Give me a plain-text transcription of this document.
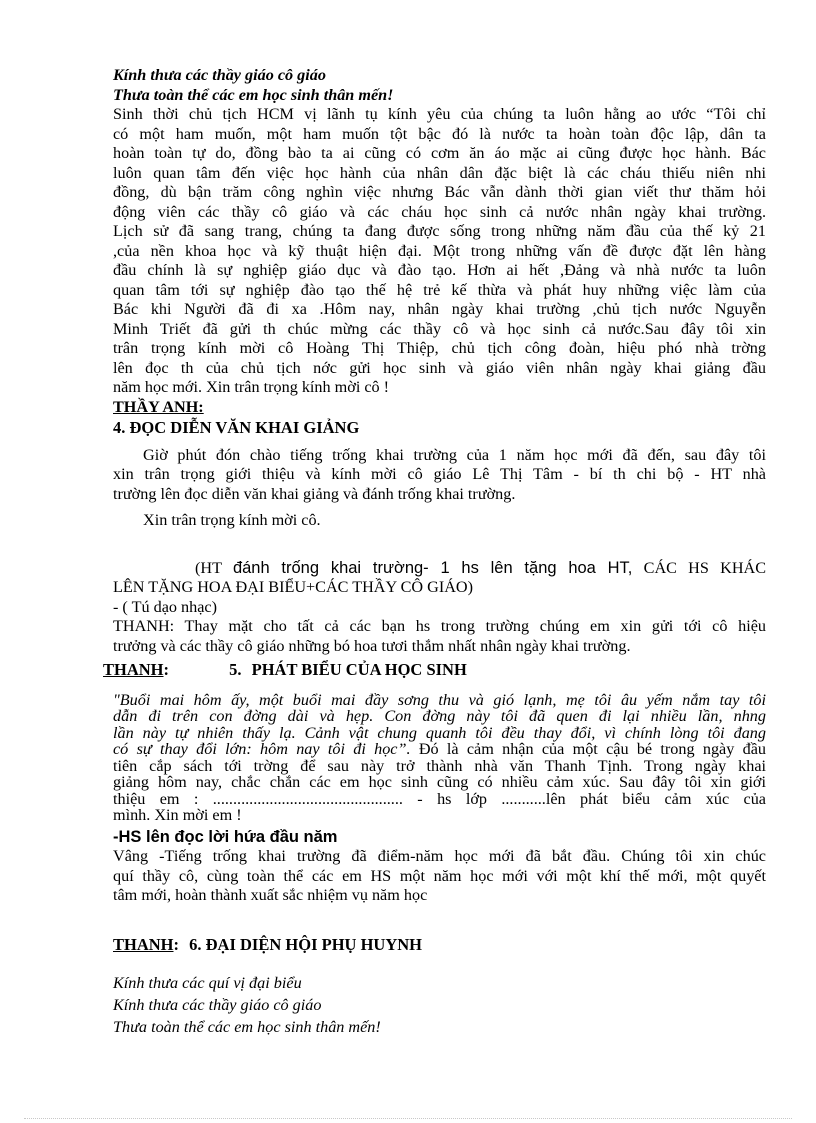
Kính thưa các thầy giáo cô giáo
Thưa toàn thể các em học sinh thân mến!
Sinh thời chủ tịch HCM vị lãnh tụ kính yêu của chúng ta luôn hằng ao ước “Tôi chỉ
có một ham muốn, một ham muốn tột bậc đó là nước ta hoàn toàn độc lập, dân ta
hoàn toàn tự do, đồng bào ta ai cũng có cơm ăn áo mặc ai cũng được học hành. Bác
luôn quan tâm đến việc học hành của nhân dân đặc biệt là các cháu thiếu niên nhi
đồng, dù bận trăm công nghìn việc nhưng Bác vẫn dành thời gian viết thư thăm hỏi
động viên các thầy cô giáo và các cháu học sinh cả nước nhân ngày khai trường.
Lịch sử đã sang trang, chúng ta đang được sống trong những năm đầu của thế kỷ 21
,của nền khoa học và kỹ thuật hiện đại. Một trong những vấn đề được đặt lên hàng
đầu chính là sự nghiệp giáo dục và đào tạo. Hơn ai hết ,Đảng và nhà nước ta luôn
quan tâm tới sự nghiệp đào tạo thế hệ trẻ kế thừa và phát huy những việc làm của
Bác khi Người đã đi xa .Hôm nay, nhân ngày khai trường ,chủ tịch nước Nguyễn
Minh Triết đã gửi th chúc mừng các thầy cô và học sinh cả nước.Sau đây tôi xin
trân trọng kính mời cô Hoàng Thị Thiệp, chủ tịch công đoàn, hiệu phó nhà trờng
lên đọc th của chủ tịch nớc gửi học sinh và giáo viên nhân ngày khai giảng đầu
năm học mới. Xin trân trọng kính mời cô !
THẦY ANH:
4. ĐỌC DIỄN VĂN KHAI GIẢNG
Giờ phút đón chào tiếng trống khai trường của 1 năm học mới đã đến, sau đây tôi
xin trân trọng giới thiệu và kính mời cô giáo Lê Thị Tâm - bí th chi bộ - HT nhà
trường lên đọc diễn văn khai giảng và đánh trống khai trường.
Xin trân trọng kính mời cô.
(HT đánh trống khai trường- 1 hs lên tặng hoa HT, CÁC HS KHÁC
LÊN TẶNG HOA ĐẠI BIỂU+CÁC THẦY CÔ GIÁO)
- ( Tú dạo nhạc)
THANH: Thay mặt cho tất cả các bạn hs trong trường chúng em xin gửi tới cô hiệu
trưởng và các thầy cô giáo những bó hoa tươi thắm nhất nhân ngày khai trường.
THANH:	5. PHÁT BIỂU CỦA HỌC SINH
"Buổi mai hôm ấy, một buổi mai đầy sơng thu và gió lạnh, mẹ tôi âu yếm nắm tay tôi
dẫn đi trên con đờng dài và hẹp. Con đờng này tôi đã quen đi lại nhiều lần, nhng
lần này tự nhiên thấy lạ. Cảnh vật chung quanh tôi đều thay đổi, vì chính lòng tôi đang
có sự thay đổi lớn: hôm nay tôi đi học”. Đó là cảm nhận của một cậu bé trong ngày đầu
tiên cắp sách tới trờng để sau này trở thành nhà văn Thanh Tịnh. Trong ngày khai
giảng hôm nay, chắc chắn các em học sinh cũng có nhiều cảm xúc. Sau đây tôi xin giới
thiệu em : ............................................... - hs lớp ...........lên phát biểu cảm xúc của
mình. Xin mời em !
-HS lên đọc lời hứa đầu năm
Vâng -Tiếng trống khai trường đã điểm-năm học mới đã bắt đầu. Chúng tôi xin chúc
quí thầy cô, cùng toàn thể các em HS một năm học mới với một khí thế mới, một quyết
tâm mới, hoàn thành xuất sắc nhiệm vụ năm học
THANH: 6. ĐẠI DIỆN HỘI PHỤ HUYNH
Kính thưa các quí vị đại biểu
Kính thưa các thầy giáo cô giáo
Thưa toàn thể các em học sinh thân mến!
